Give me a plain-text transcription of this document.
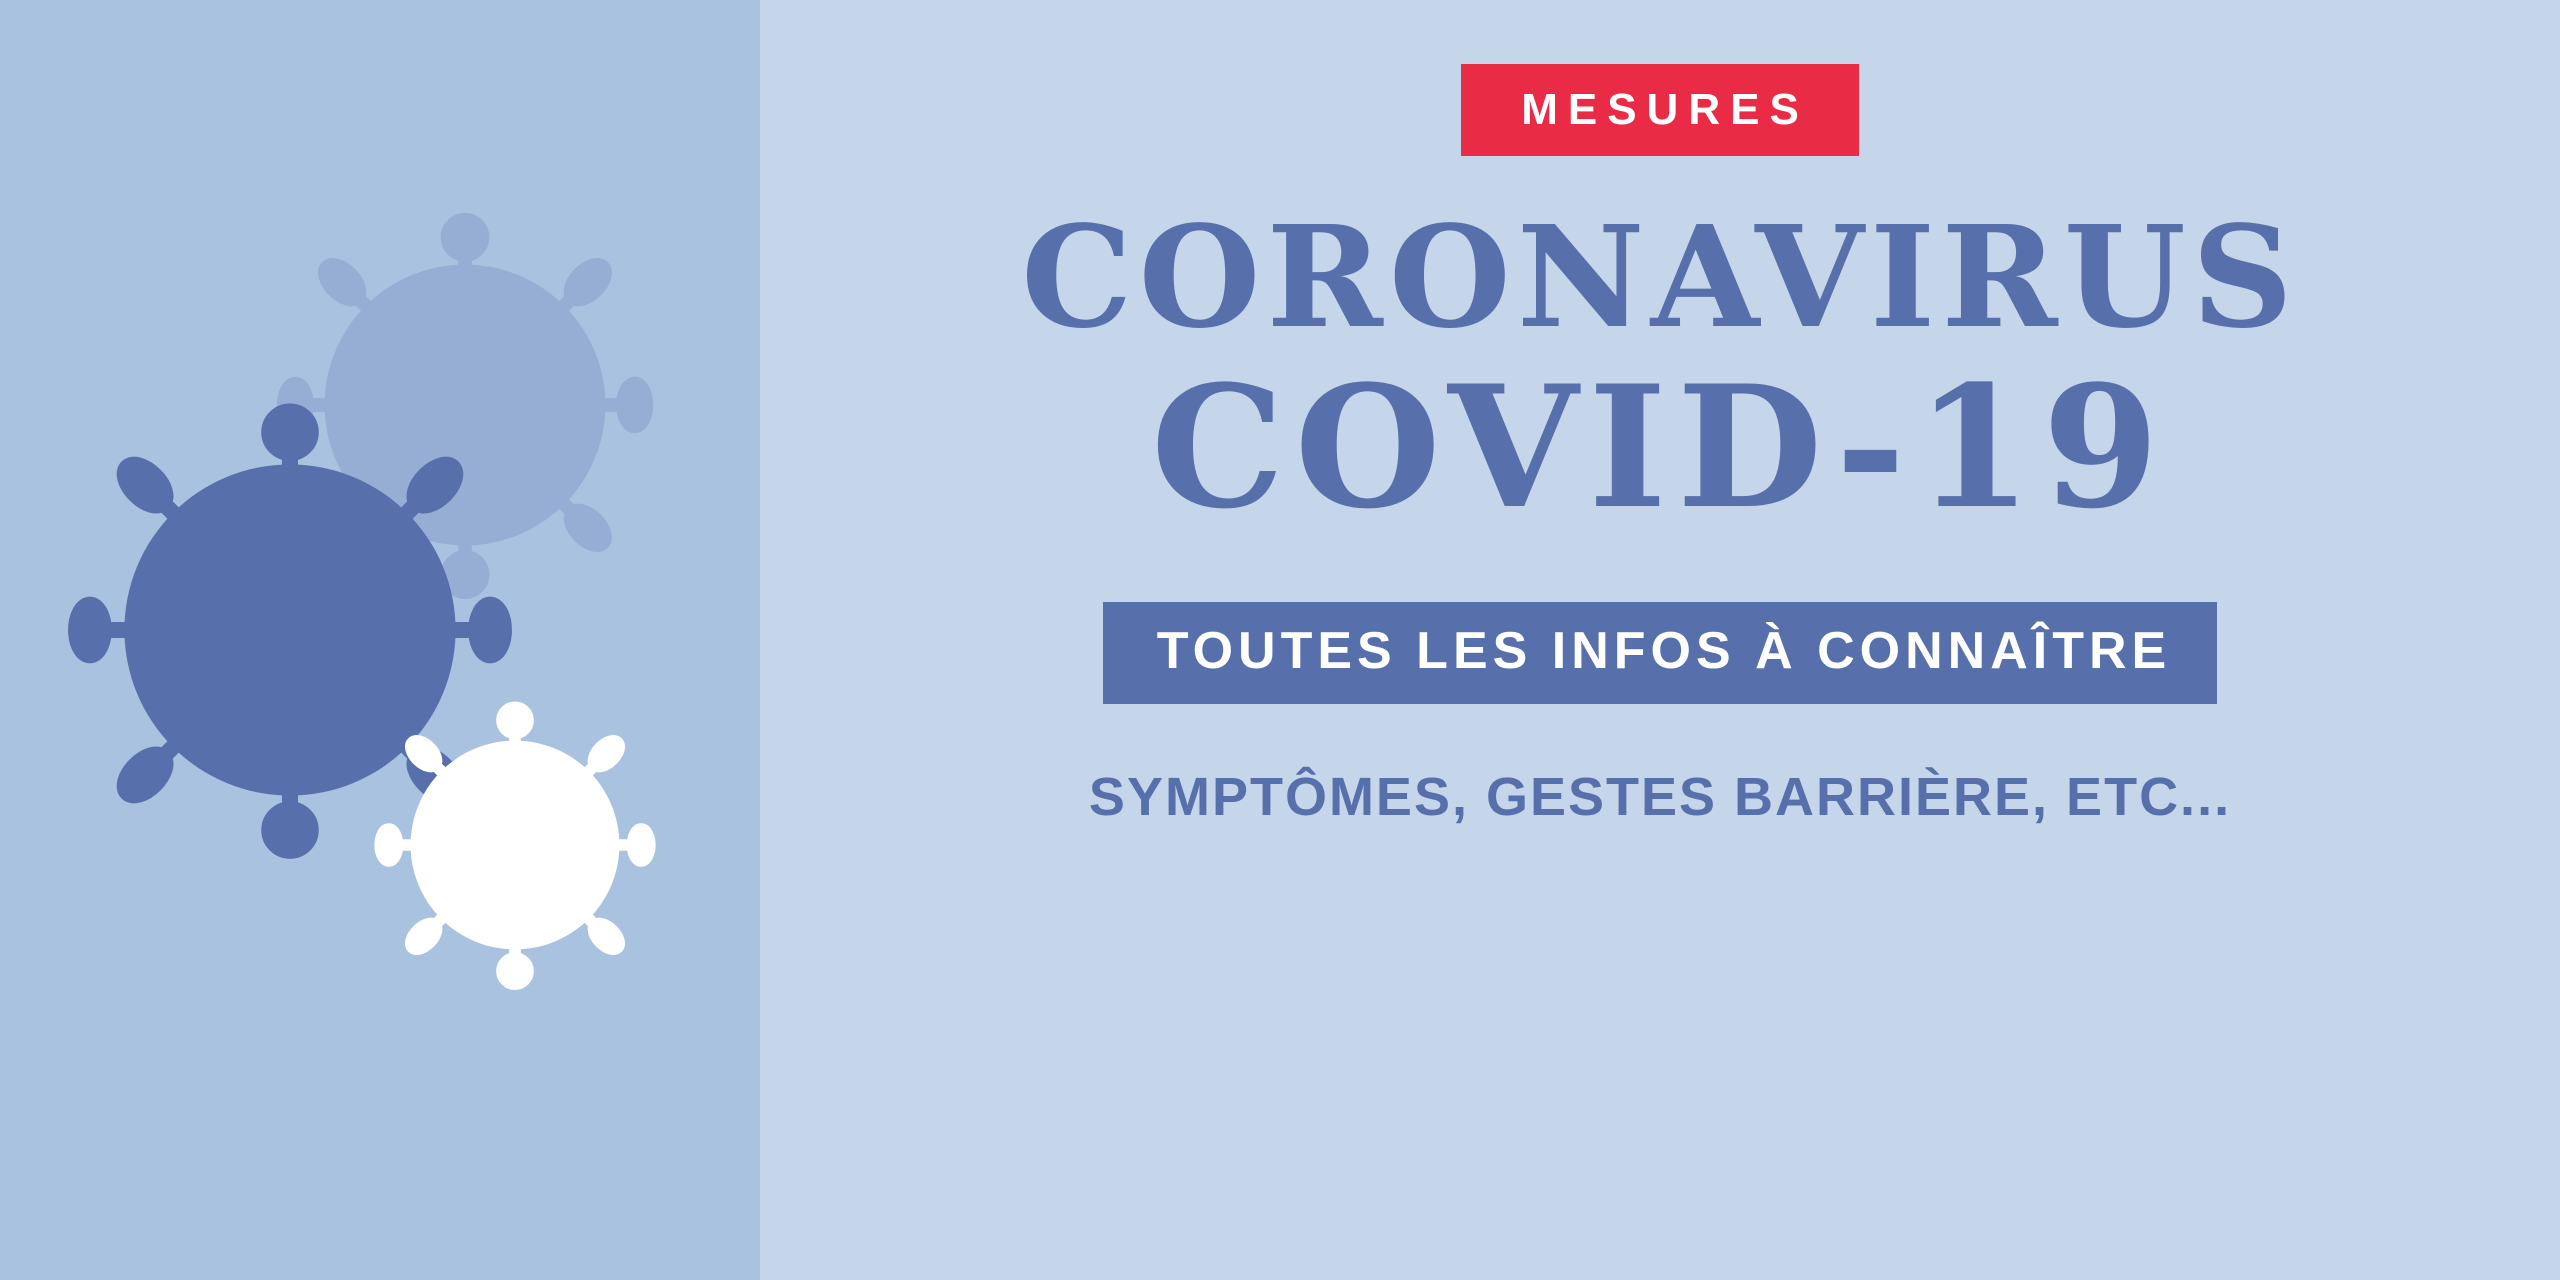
MESURES
CORONAVIRUS
COVID-19
TOUTES LES INFOS À CONNAÎTRE
SYMPTÔMES, GESTES BARRIÈRE, ETC...
